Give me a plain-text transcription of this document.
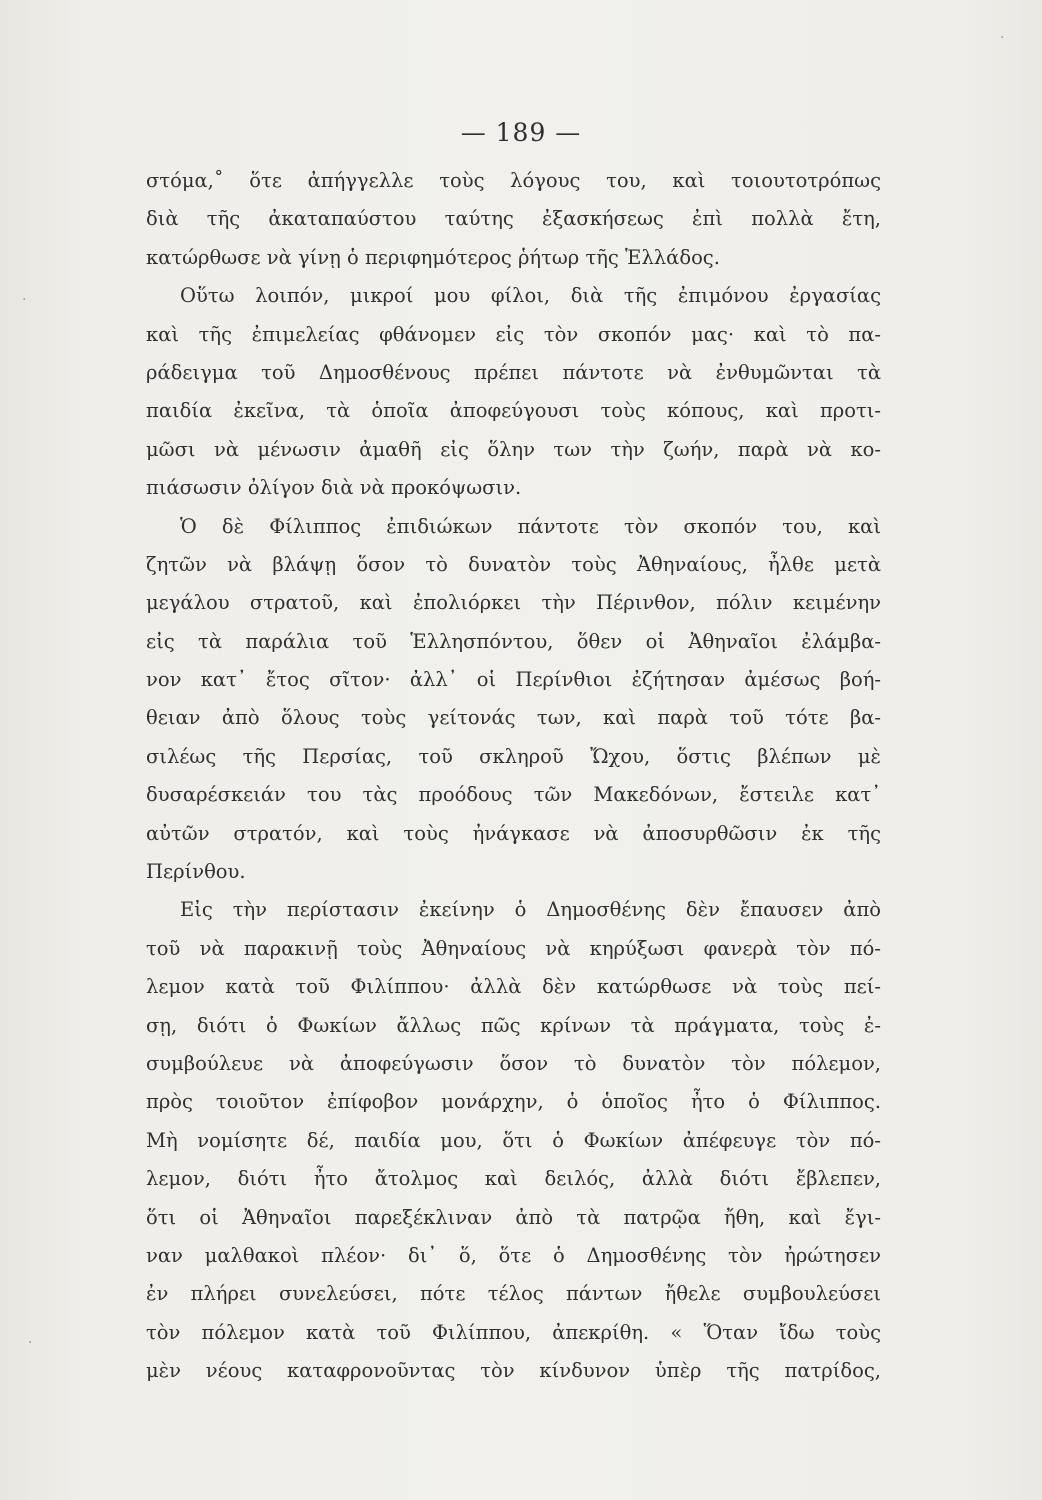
·
·
·
— 189 —
στόμα,˚ ὅτε ἀπήγγελλε τοὺς λόγους του, καὶ τοιουτοτρόπως
διὰ τῆς ἀκαταπαύστου ταύτης ἐξασκήσεως ἐπὶ πολλὰ ἔτη,
κατώρθωσε νὰ γίνῃ ὁ περιφημότερος ῥήτωρ τῆς Ἑλλάδος.
Οὕτω λοιπόν, μικροί μου φίλοι, διὰ τῆς ἐπιμόνου ἐργασίας
καὶ τῆς ἐπιμελείας φθάνομεν εἰς τὸν σκοπόν μας· καὶ τὸ πα-
ράδειγμα τοῦ Δημοσθένους πρέπει πάντοτε νὰ ἐνθυμῶνται τὰ
παιδία ἐκεῖνα, τὰ ὁποῖα ἀποφεύγουσι τοὺς κόπους, καὶ προτι-
μῶσι νὰ μένωσιν ἀμαθῆ εἰς ὅλην των τὴν ζωήν, παρὰ νὰ κο-
πιάσωσιν ὀλίγον διὰ νὰ προκόψωσιν.
Ὁ δὲ Φίλιππος ἐπιδιώκων πάντοτε τὸν σκοπόν του, καὶ
ζητῶν νὰ βλάψῃ ὅσον τὸ δυνατὸν τοὺς Ἀθηναίους, ἦλθε μετὰ
μεγάλου στρατοῦ, καὶ ἐπολιόρκει τὴν Πέρινθον, πόλιν κειμένην
εἰς τὰ παράλια τοῦ Ἑλλησπόντου, ὅθεν οἱ Ἀθηναῖοι ἐλάμβα-
νον κατ᾽ ἔτος σῖτον· ἀλλ᾽ οἱ Περίνθιοι ἐζήτησαν ἀμέσως βοή-
θειαν ἀπὸ ὅλους τοὺς γείτονάς των, καὶ παρὰ τοῦ τότε βα-
σιλέως τῆς Περσίας, τοῦ σκληροῦ Ὤχου, ὅστις βλέπων μὲ
δυσαρέσκειάν του τὰς προόδους τῶν Μακεδόνων, ἔστειλε κατ᾽
αὐτῶν στρατόν, καὶ τοὺς ἠνάγκασε νὰ ἀποσυρθῶσιν ἐκ τῆς
Περίνθου.
Εἰς τὴν περίστασιν ἐκείνην ὁ Δημοσθένης δὲν ἔπαυσεν ἀπὸ
τοῦ νὰ παρακινῇ τοὺς Ἀθηναίους νὰ κηρύξωσι φανερὰ τὸν πό-
λεμον κατὰ τοῦ Φιλίππου· ἀλλὰ δὲν κατώρθωσε νὰ τοὺς πεί-
σῃ, διότι ὁ Φωκίων ἄλλως πῶς κρίνων τὰ πράγματα, τοὺς ἐ-
συμβούλευε νὰ ἀποφεύγωσιν ὅσον τὸ δυνατὸν τὸν πόλεμον,
πρὸς τοιοῦτον ἐπίφοβον μονάρχην, ὁ ὁποῖος ἦτο ὁ Φίλιππος.
Μὴ νομίσητε δέ, παιδία μου, ὅτι ὁ Φωκίων ἀπέφευγε τὸν πό-
λεμον, διότι ἦτο ἄτολμος καὶ δειλός, ἀλλὰ διότι ἔβλεπεν,
ὅτι οἱ Ἀθηναῖοι παρεξέκλιναν ἀπὸ τὰ πατρῷα ἤθη, καὶ ἔγι-
ναν μαλθακοὶ πλέον· δι᾽ ὅ, ὅτε ὁ Δημοσθένης τὸν ἠρώτησεν
ἐν πλήρει συνελεύσει, πότε τέλος πάντων ἤθελε συμβουλεύσει
τὸν πόλεμον κατὰ τοῦ Φιλίππου, ἀπεκρίθη. « Ὅταν ἴδω τοὺς
μὲν νέους καταφρονοῦντας τὸν κίνδυνον ὑπὲρ τῆς πατρίδος,
